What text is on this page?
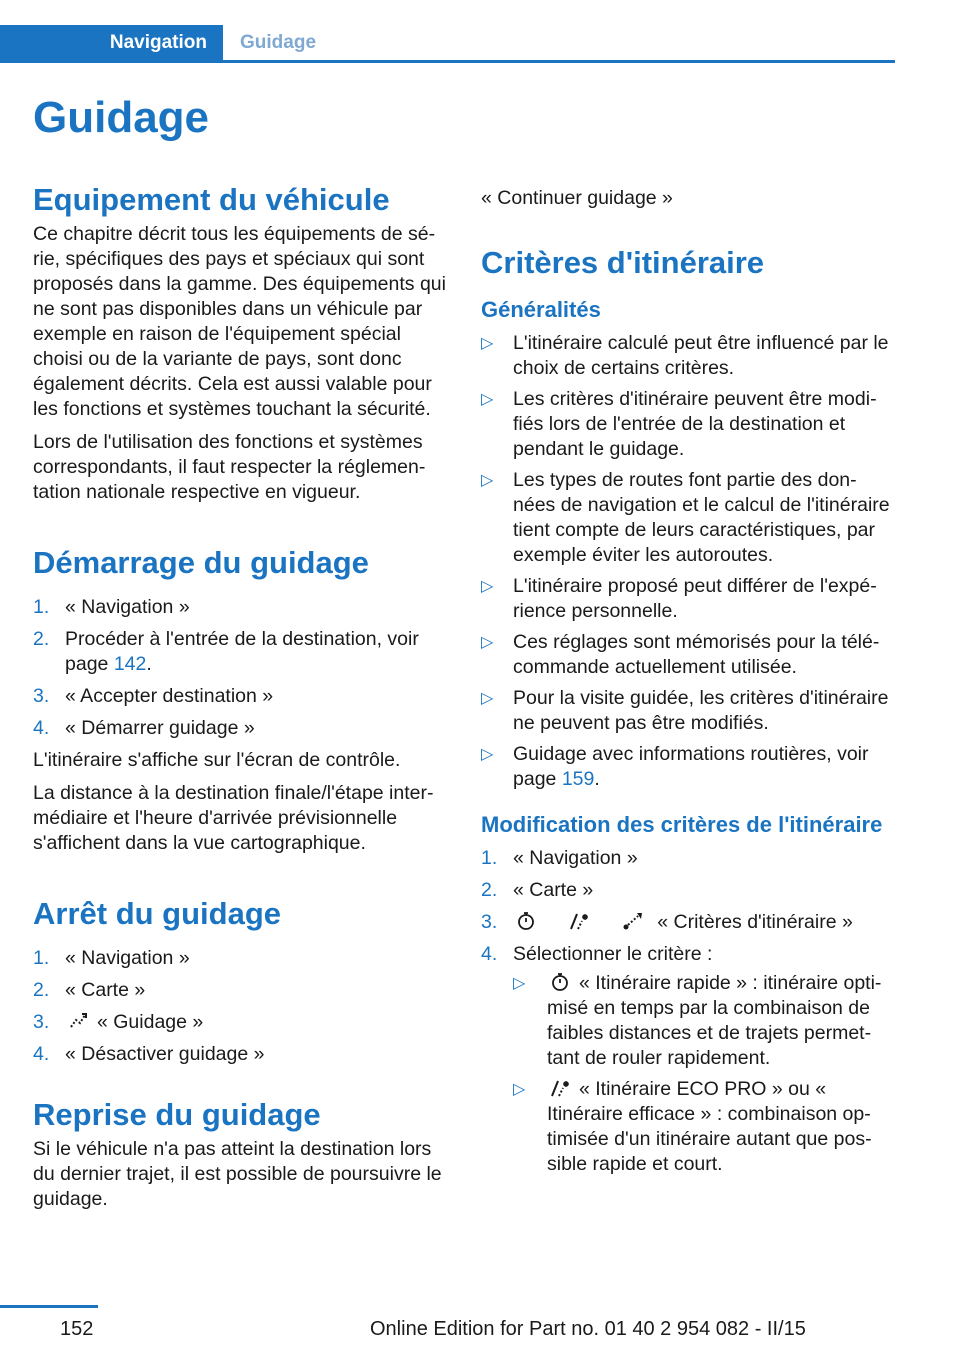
Navigation	Guidage
Guidage
Equipement du véhicule

Ce chapitre décrit tous les équipements de série, spécifiques des pays et spéciaux qui sont proposés dans la gamme. Des équipements qui ne sont pas disponibles dans un véhicule par exemple en raison de l'équipement spécial choisi ou de la variante de pays, sont donc également décrits. Cela est aussi valable pour les fonctions et systèmes touchant la sécurité.

Lors de l'utilisation des fonctions et systèmes correspondants, il faut respecter la réglementation nationale respective en vigueur.

Démarrage du guidage
1. « Navigation »
2. Procéder à l'entrée de la destination, voir page 142.
3. « Accepter destination »
4. « Démarrer guidage »

L'itinéraire s'affiche sur l'écran de contrôle.

La distance à la destination finale/l'étape intermédiaire et l'heure d'arrivée prévisionnelle s'affichent dans la vue cartographique.

Arrêt du guidage
1. « Navigation »
2. « Carte »
3. « Guidage »
4. « Désactiver guidage »
Reprise du guidage

Si le véhicule n'a pas atteint la destination lors du dernier trajet, il est possible de poursuivre le guidage.

« Continuer guidage »

Critères d'itinéraire
Généralités
▷ L'itinéraire calculé peut être influencé par le choix de certains critères.
▷ Les critères d'itinéraire peuvent être modifiés lors de l'entrée de la destination et pendant le guidage.
▷ Les types de routes font partie des données de navigation et le calcul de l'itinéraire tient compte de leurs caractéristiques, par exemple éviter les autoroutes.
▷ L'itinéraire proposé peut différer de l'expérience personnelle.
▷ Ces réglages sont mémorisés pour la télécommande actuellement utilisée.
▷ Pour la visite guidée, les critères d'itinéraire ne peuvent pas être modifiés.
▷ Guidage avec informations routières, voir page 159.
Modification des critères de l'itinéraire
1. « Navigation »
2. « Carte »
3.

	« Critères d'itinéraire »
4. Sélectionner le critère :
▷	« Itinéraire rapide » : itinéraire optimisé en temps par la combinaison de faibles distances et de trajets permettant de rouler rapidement.
▷	« Itinéraire ECO PRO » ou « Itinéraire efficace » : combinaison optimisée d'un itinéraire autant que possible rapide et court.
152	Online Edition for Part no. 01 40 2 954 082 - II/15
